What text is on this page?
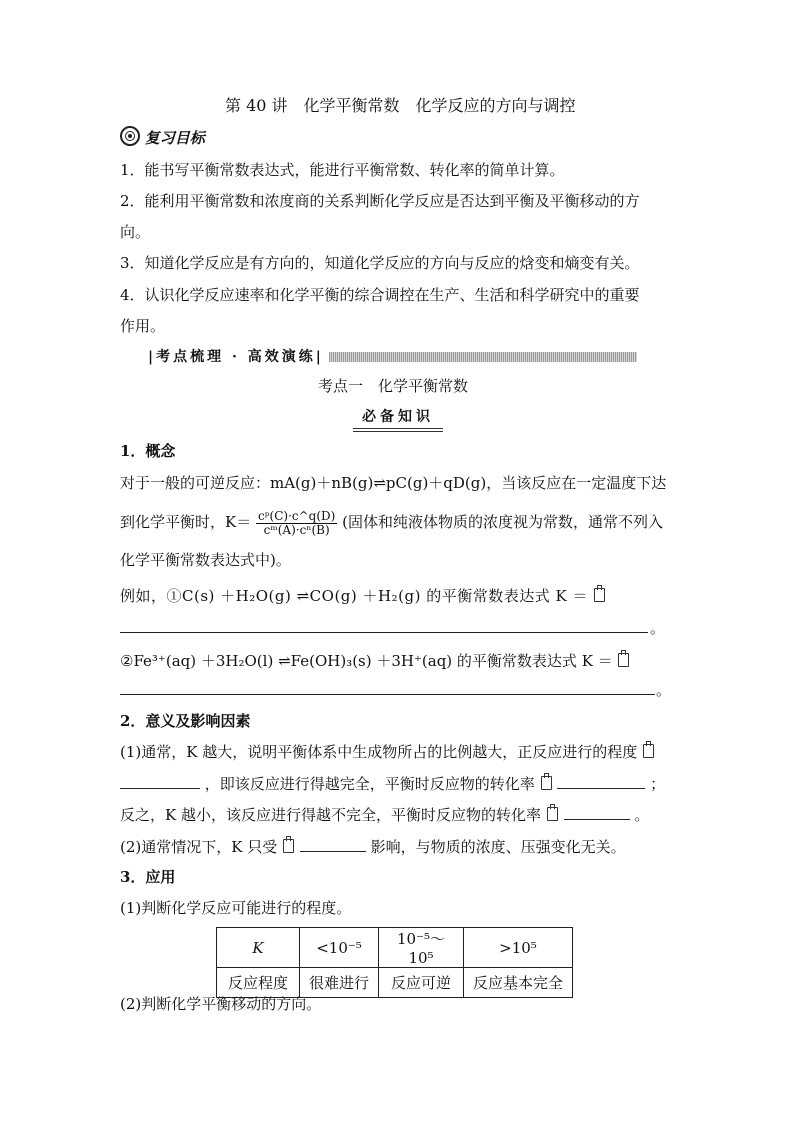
第 40 讲　化学平衡常数　化学反应的方向与调控
复习目标
1．能书写平衡常数表达式，能进行平衡常数、转化率的简单计算。
2．能利用平衡常数和浓度商的关系判断化学反应是否达到平衡及平衡移动的方
向。
3．知道化学反应是有方向的，知道化学反应的方向与反应的焓变和熵变有关。
4．认识化学反应速率和化学平衡的综合调控在生产、生活和科学研究中的重要
作用。
|考点梳理 · 高效演练|
考点一　化学平衡常数
必备知识
1．概念
对于一般的可逆反应：mA(g)＋nB(g)⇌pC(g)＋qD(g)，当该反应在一定温度下达
到化学平衡时，$K= \frac{\text{cᵖ(C)·c\textasciicircum{}q(D)}}{\text{cᵐ(A)·cⁿ(B)}}$ (固体和纯液体物质的浓度视为常数，通常不列入
化学平衡常数表达式中)。
例如，①C(s) ＋H₂O(g) ⇌CO(g) ＋H₂(g) 的平衡常数表达式 K ＝
。
②Fe³⁺(aq) ＋3H₂O(l) ⇌Fe(OH)₃(s) ＋3H⁺(aq) 的平衡常数表达式 K ＝
。
2．意义及影响因素
(1)通常，K 越大，说明平衡体系中生成物所占的比例越大，正反应进行的程度
，即该反应进行得越完全，平衡时反应物的转化率	；
反之，K 越小，该反应进行得越不完全，平衡时反应物的转化率	。
(2)通常情况下，K 只受	影响，与物质的浓度、压强变化无关。
3．应用
(1)判断化学反应可能进行的程度。
K	<10⁻⁵	10⁻⁵～10⁵	>10⁵
反应程度	很难进行	反应可逆	反应基本完全
(2)判断化学平衡移动的方向。
